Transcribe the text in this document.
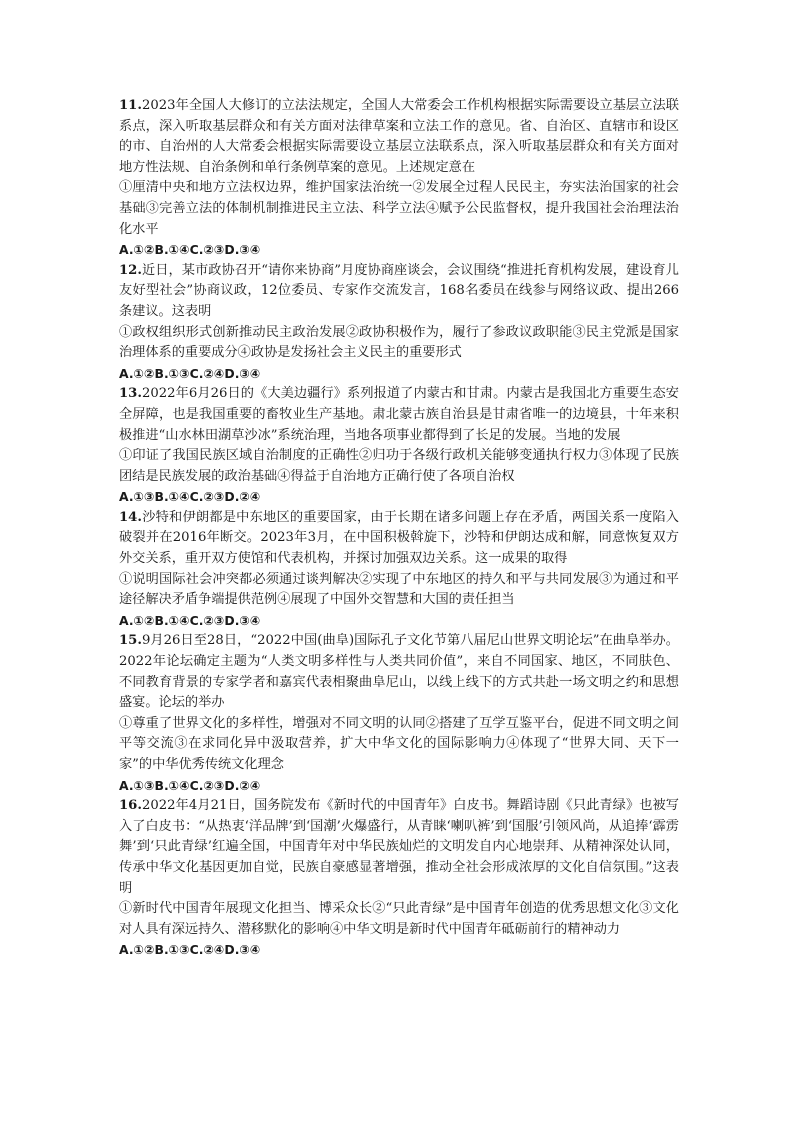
11.2023年全国人大修订的立法法规定，全国人大常委会工作机构根据实际需要设立基层立法联系点，深入听取基层群众和有关方面对法律草案和立法工作的意见。省、自治区、直辖市和设区的市、自治州的人大常委会根据实际需要设立基层立法联系点，深入听取基层群众和有关方面对地方性法规、自治条例和单行条例草案的意见。上述规定意在

①厘清中央和地方立法权边界，维护国家法治统一②发展全过程人民民主，夯实法治国家的社会基础③完善立法的体制机制推进民主立法、科学立法④赋予公民监督权，提升我国社会治理法治化水平

A.①②B.①④C.②③D.③④

12.近日，某市政协召开“请你来协商”月度协商座谈会，会议围绕“推进托育机构发展，建设育儿友好型社会”协商议政，12位委员、专家作交流发言，168名委员在线参与网络议政、提出266条建议。这表明

①政权组织形式创新推动民主政治发展②政协积极作为，履行了参政议政职能③民主党派是国家治理体系的重要成分④政协是发扬社会主义民主的重要形式

A.①②B.①③C.②④D.③④

13.2022年6月26日的《大美边疆行》系列报道了内蒙古和甘肃。内蒙古是我国北方重要生态安全屏障，也是我国重要的畜牧业生产基地。肃北蒙古族自治县是甘肃省唯一的边境县，十年来积极推进“山水林田湖草沙冰”系统治理，当地各项事业都得到了长足的发展。当地的发展

①印证了我国民族区域自治制度的正确性②归功于各级行政机关能够变通执行权力③体现了民族团结是民族发展的政治基础④得益于自治地方正确行使了各项自治权

A.①③B.①④C.②③D.②④

14.沙特和伊朗都是中东地区的重要国家，由于长期在诸多问题上存在矛盾，两国关系一度陷入破裂并在2016年断交。2023年3月，在中国积极斡旋下，沙特和伊朗达成和解，同意恢复双方外交关系，重开双方使馆和代表机构，并探讨加强双边关系。这一成果的取得

①说明国际社会冲突都必须通过谈判解决②实现了中东地区的持久和平与共同发展③为通过和平途径解决矛盾争端提供范例④展现了中国外交智慧和大国的责任担当

A.①②B.①④C.②③D.③④

15.9月26日至28日，“2022中国(曲阜)国际孔子文化节第八届尼山世界文明论坛”在曲阜举办。2022年论坛确定主题为“人类文明多样性与人类共同价值”，来自不同国家、地区，不同肤色、不同教育背景的专家学者和嘉宾代表相聚曲阜尼山，以线上线下的方式共赴一场文明之约和思想盛宴。论坛的举办

①尊重了世界文化的多样性，增强对不同文明的认同②搭建了互学互鉴平台，促进不同文明之间平等交流③在求同化异中汲取营养，扩大中华文化的国际影响力④体现了“世界大同、天下一家”的中华优秀传统文化理念

A.①③B.①④C.②③D.②④

16.2022年4月21日，国务院发布《新时代的中国青年》白皮书。舞蹈诗剧《只此青绿》也被写入了白皮书：“从热衷‘洋品牌’到‘国潮’火爆盛行，从青睐‘喇叭裤’到‘国服’引领风尚，从追捧‘霹雳舞’到‘只此青绿’红遍全国，中国青年对中华民族灿烂的文明发自内心地崇拜、从精神深处认同，传承中华文化基因更加自觉，民族自豪感显著增强，推动全社会形成浓厚的文化自信氛围。”这表明

①新时代中国青年展现文化担当、博采众长②“只此青绿”是中国青年创造的优秀思想文化③文化对人具有深远持久、潜移默化的影响④中华文明是新时代中国青年砥砺前行的精神动力

A.①②B.①③C.②④D.③④
